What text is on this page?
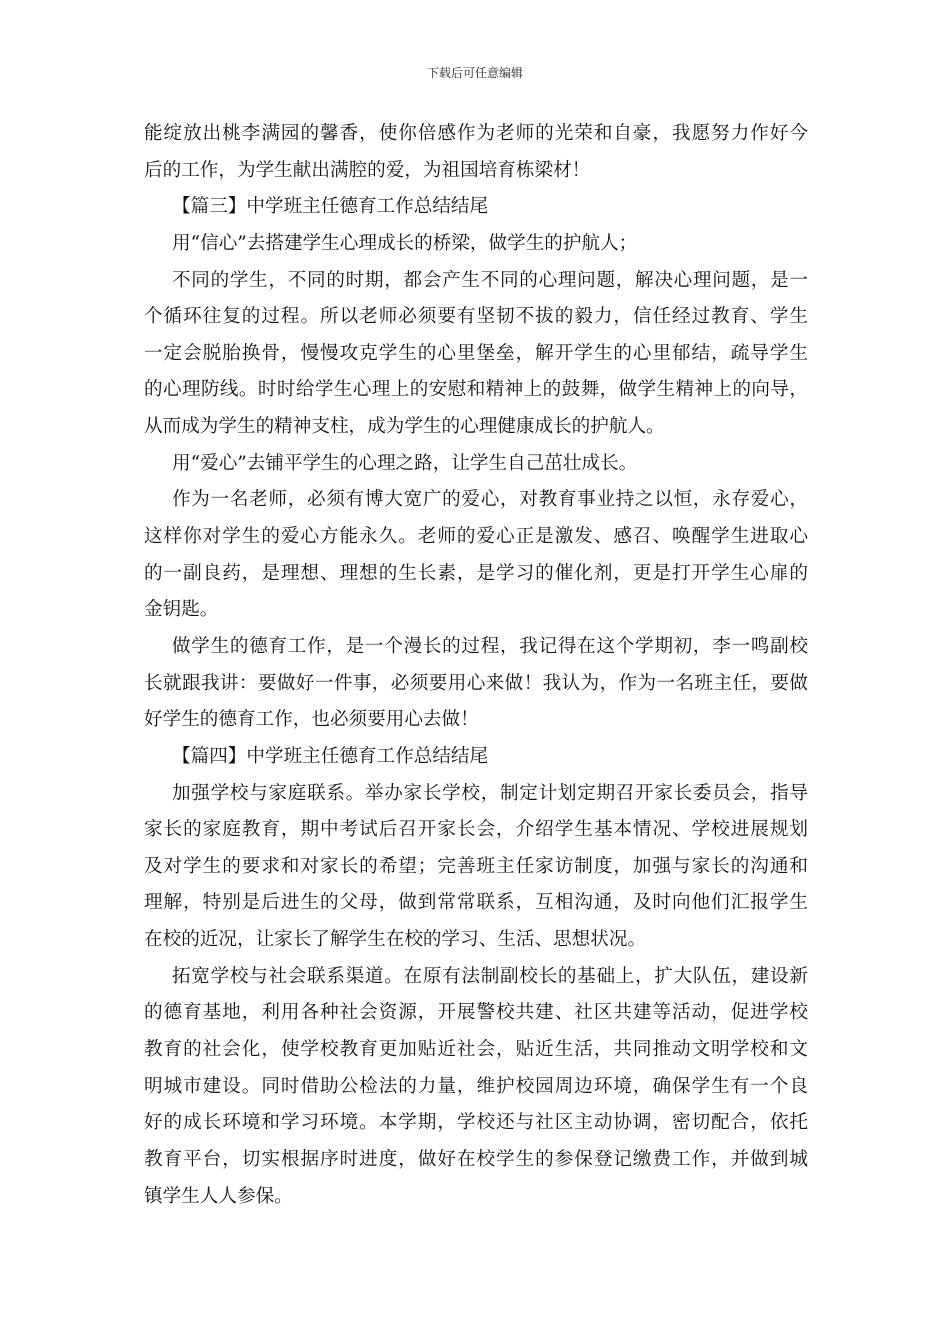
下载后可任意编辑
能绽放出桃李满园的馨香，使你倍感作为老师的光荣和自豪，我愿努力作好今
后的工作，为学生献出满腔的爱，为祖国培育栋梁材！
【篇三】中学班主任德育工作总结结尾
用“信心”去搭建学生心理成长的桥梁，做学生的护航人；
不同的学生，不同的时期，都会产生不同的心理问题，解决心理问题，是一
个循环往复的过程。所以老师必须要有坚韧不拔的毅力，信任经过教育、学生
一定会脱胎换骨，慢慢攻克学生的心里堡垒，解开学生的心里郁结，疏导学生
的心理防线。时时给学生心理上的安慰和精神上的鼓舞，做学生精神上的向导，
从而成为学生的精神支柱，成为学生的心理健康成长的护航人。
用“爱心”去铺平学生的心理之路，让学生自己茁壮成长。
作为一名老师，必须有博大宽广的爱心，对教育事业持之以恒，永存爱心，
这样你对学生的爱心方能永久。老师的爱心正是激发、感召、唤醒学生进取心
的一副良药，是理想、理想的生长素，是学习的催化剂，更是打开学生心扉的
金钥匙。
做学生的德育工作，是一个漫长的过程，我记得在这个学期初，李一鸣副校
长就跟我讲：要做好一件事，必须要用心来做！我认为，作为一名班主任，要做
好学生的德育工作，也必须要用心去做！
【篇四】中学班主任德育工作总结结尾
加强学校与家庭联系。举办家长学校，制定计划定期召开家长委员会，指导
家长的家庭教育，期中考试后召开家长会，介绍学生基本情况、学校进展规划
及对学生的要求和对家长的希望；完善班主任家访制度，加强与家长的沟通和
理解，特别是后进生的父母，做到常常联系，互相沟通，及时向他们汇报学生
在校的近况，让家长了解学生在校的学习、生活、思想状况。
拓宽学校与社会联系渠道。在原有法制副校长的基础上，扩大队伍，建设新
的德育基地，利用各种社会资源，开展警校共建、社区共建等活动，促进学校
教育的社会化，使学校教育更加贴近社会，贴近生活，共同推动文明学校和文
明城市建设。同时借助公检法的力量，维护校园周边环境，确保学生有一个良
好的成长环境和学习环境。本学期，学校还与社区主动协调，密切配合，依托
教育平台，切实根据序时进度，做好在校学生的参保登记缴费工作，并做到城
镇学生人人参保。
